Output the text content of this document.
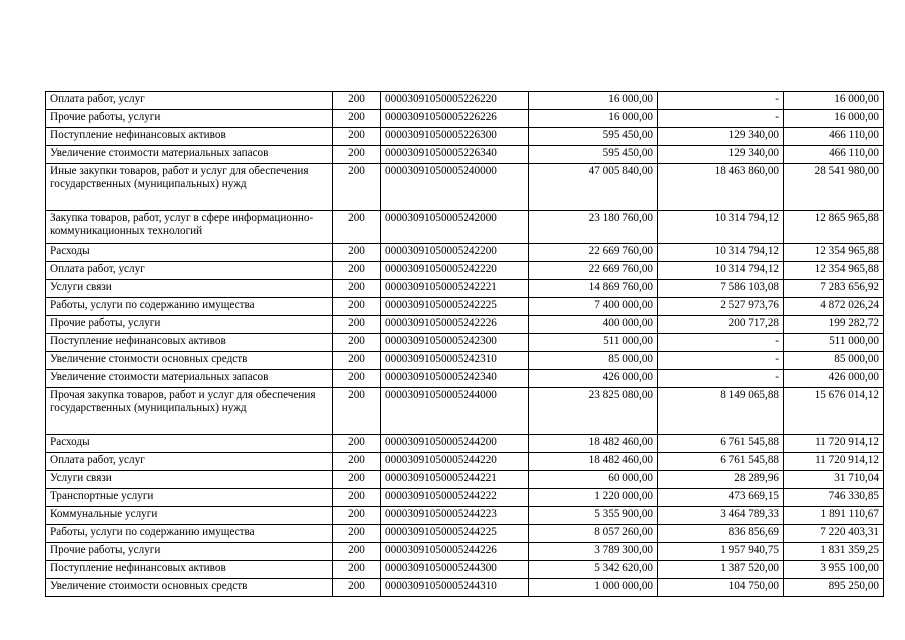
Оплата работ, услуг	200	00003091050005226220	16 000,00	-	16 000,00
Прочие работы, услуги	200	00003091050005226226	16 000,00	-	16 000,00
Поступление нефинансовых активов	200	00003091050005226300	595 450,00	129 340,00	466 110,00
Увеличение стоимости материальных запасов	200	00003091050005226340	595 450,00	129 340,00	466 110,00
Иные закупки товаров, работ и услуг для обеспечения государственных (муниципальных) нужд	200	00003091050005240000	47 005 840,00	18 463 860,00	28 541 980,00
Закупка товаров, работ, услуг в сфере информационно-коммуникационных технологий	200	00003091050005242000	23 180 760,00	10 314 794,12	12 865 965,88
Расходы	200	00003091050005242200	22 669 760,00	10 314 794,12	12 354 965,88
Оплата работ, услуг	200	00003091050005242220	22 669 760,00	10 314 794,12	12 354 965,88
Услуги связи	200	00003091050005242221	14 869 760,00	7 586 103,08	7 283 656,92
Работы, услуги по содержанию имущества	200	00003091050005242225	7 400 000,00	2 527 973,76	4 872 026,24
Прочие работы, услуги	200	00003091050005242226	400 000,00	200 717,28	199 282,72
Поступление нефинансовых активов	200	00003091050005242300	511 000,00	-	511 000,00
Увеличение стоимости основных средств	200	00003091050005242310	85 000,00	-	85 000,00
Увеличение стоимости материальных запасов	200	00003091050005242340	426 000,00	-	426 000,00
Прочая закупка товаров, работ и услуг для обеспечения государственных (муниципальных) нужд	200	00003091050005244000	23 825 080,00	8 149 065,88	15 676 014,12
Расходы	200	00003091050005244200	18 482 460,00	6 761 545,88	11 720 914,12
Оплата работ, услуг	200	00003091050005244220	18 482 460,00	6 761 545,88	11 720 914,12
Услуги связи	200	00003091050005244221	60 000,00	28 289,96	31 710,04
Транспортные услуги	200	00003091050005244222	1 220 000,00	473 669,15	746 330,85
Коммунальные услуги	200	00003091050005244223	5 355 900,00	3 464 789,33	1 891 110,67
Работы, услуги по содержанию имущества	200	00003091050005244225	8 057 260,00	836 856,69	7 220 403,31
Прочие работы, услуги	200	00003091050005244226	3 789 300,00	1 957 940,75	1 831 359,25
Поступление нефинансовых активов	200	00003091050005244300	5 342 620,00	1 387 520,00	3 955 100,00
Увеличение стоимости основных средств	200	00003091050005244310	1 000 000,00	104 750,00	895 250,00
